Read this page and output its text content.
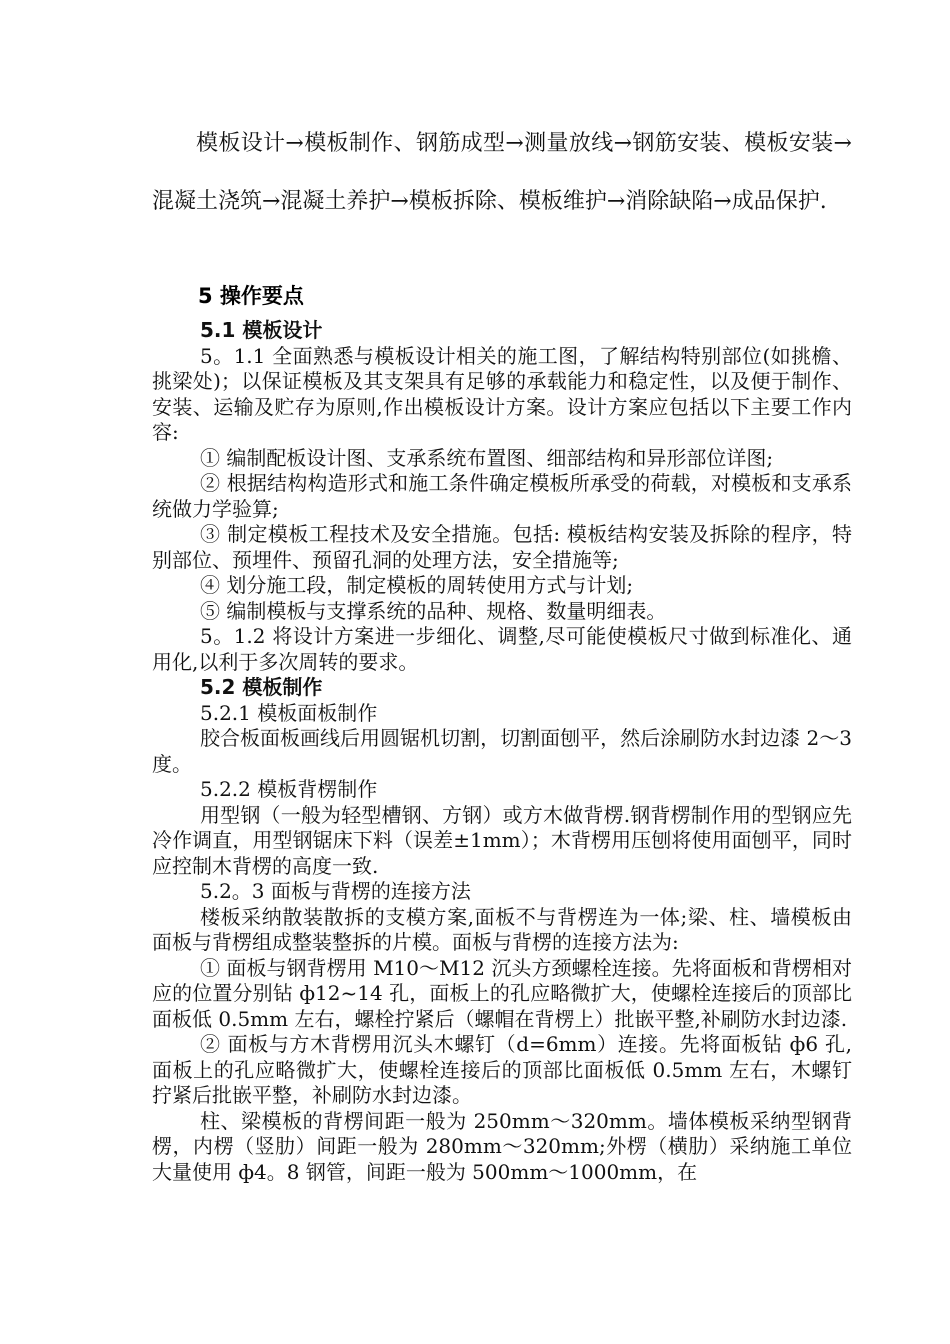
模板设计→模板制作、钢筋成型→测量放线→钢筋安装、模板安装→混凝土浇筑→混凝土养护→模板拆除、模板维护→消除缺陷→成品保护.

5 操作要点

5.1 模板设计

5。1.1 全面熟悉与模板设计相关的施工图，了解结构特别部位(如挑檐、挑梁处)；以保证模板及其支架具有足够的承载能力和稳定性，以及便于制作、安装、运输及贮存为原则,作出模板设计方案。设计方案应包括以下主要工作内容:

① 编制配板设计图、支承系统布置图、细部结构和异形部位详图;

② 根据结构构造形式和施工条件确定模板所承受的荷载，对模板和支承系统做力学验算;

③ 制定模板工程技术及安全措施。包括: 模板结构安装及拆除的程序，特别部位、预埋件、预留孔洞的处理方法，安全措施等;

④ 划分施工段，制定模板的周转使用方式与计划;

⑤ 编制模板与支撑系统的品种、规格、数量明细表。

5。1.2 将设计方案进一步细化、调整,尽可能使模板尺寸做到标准化、通用化,以利于多次周转的要求。

5.2 模板制作

5.2.1 模板面板制作

胶合板面板画线后用圆锯机切割，切割面刨平，然后涂刷防水封边漆 2～3 度。

5.2.2 模板背楞制作

用型钢（一般为轻型槽钢、方钢）或方木做背楞.钢背楞制作用的型钢应先冷作调直，用型钢锯床下料（误差±1mm）；木背楞用压刨将使用面刨平，同时应控制木背楞的高度一致.

5.2。3 面板与背楞的连接方法

楼板采纳散装散拆的支模方案,面板不与背楞连为一体;梁、柱、墙模板由面板与背楞组成整装整拆的片模。面板与背楞的连接方法为:

① 面板与钢背楞用 M10～M12 沉头方颈螺栓连接。先将面板和背楞相对应的位置分别钻 ф12~14 孔，面板上的孔应略微扩大，使螺栓连接后的顶部比面板低 0.5mm 左右，螺栓拧紧后（螺帽在背楞上）批嵌平整,补刷防水封边漆.

② 面板与方木背楞用沉头木螺钉（d=6mm）连接。先将面板钻 ф6 孔,面板上的孔应略微扩大，使螺栓连接后的顶部比面板低 0.5mm 左右，木螺钉拧紧后批嵌平整，补刷防水封边漆。

柱、梁模板的背楞间距一般为 250mm～320mm。墙体模板采纳型钢背楞，内楞（竖肋）间距一般为 280mm～320mm;外楞（横肋）采纳施工单位大量使用 ф4。8 钢管，间距一般为 500mm～1000mm，在
